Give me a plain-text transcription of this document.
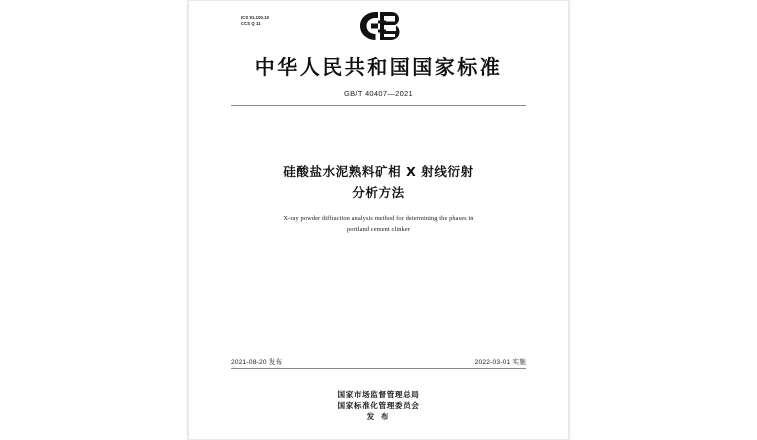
ICS 91.100.10
CCS Q 11
中华人民共和国国家标准
GB/T 40407—2021
硅酸盐水泥熟料矿相 X 射线衍射
分析方法
X-ray powder diffraction analysis method for determining the phases in
portland cement clinker
2021-08-20 发布	2022-03-01 实施
国家市场监督管理总局
国家标准化管理委员会
发 布
